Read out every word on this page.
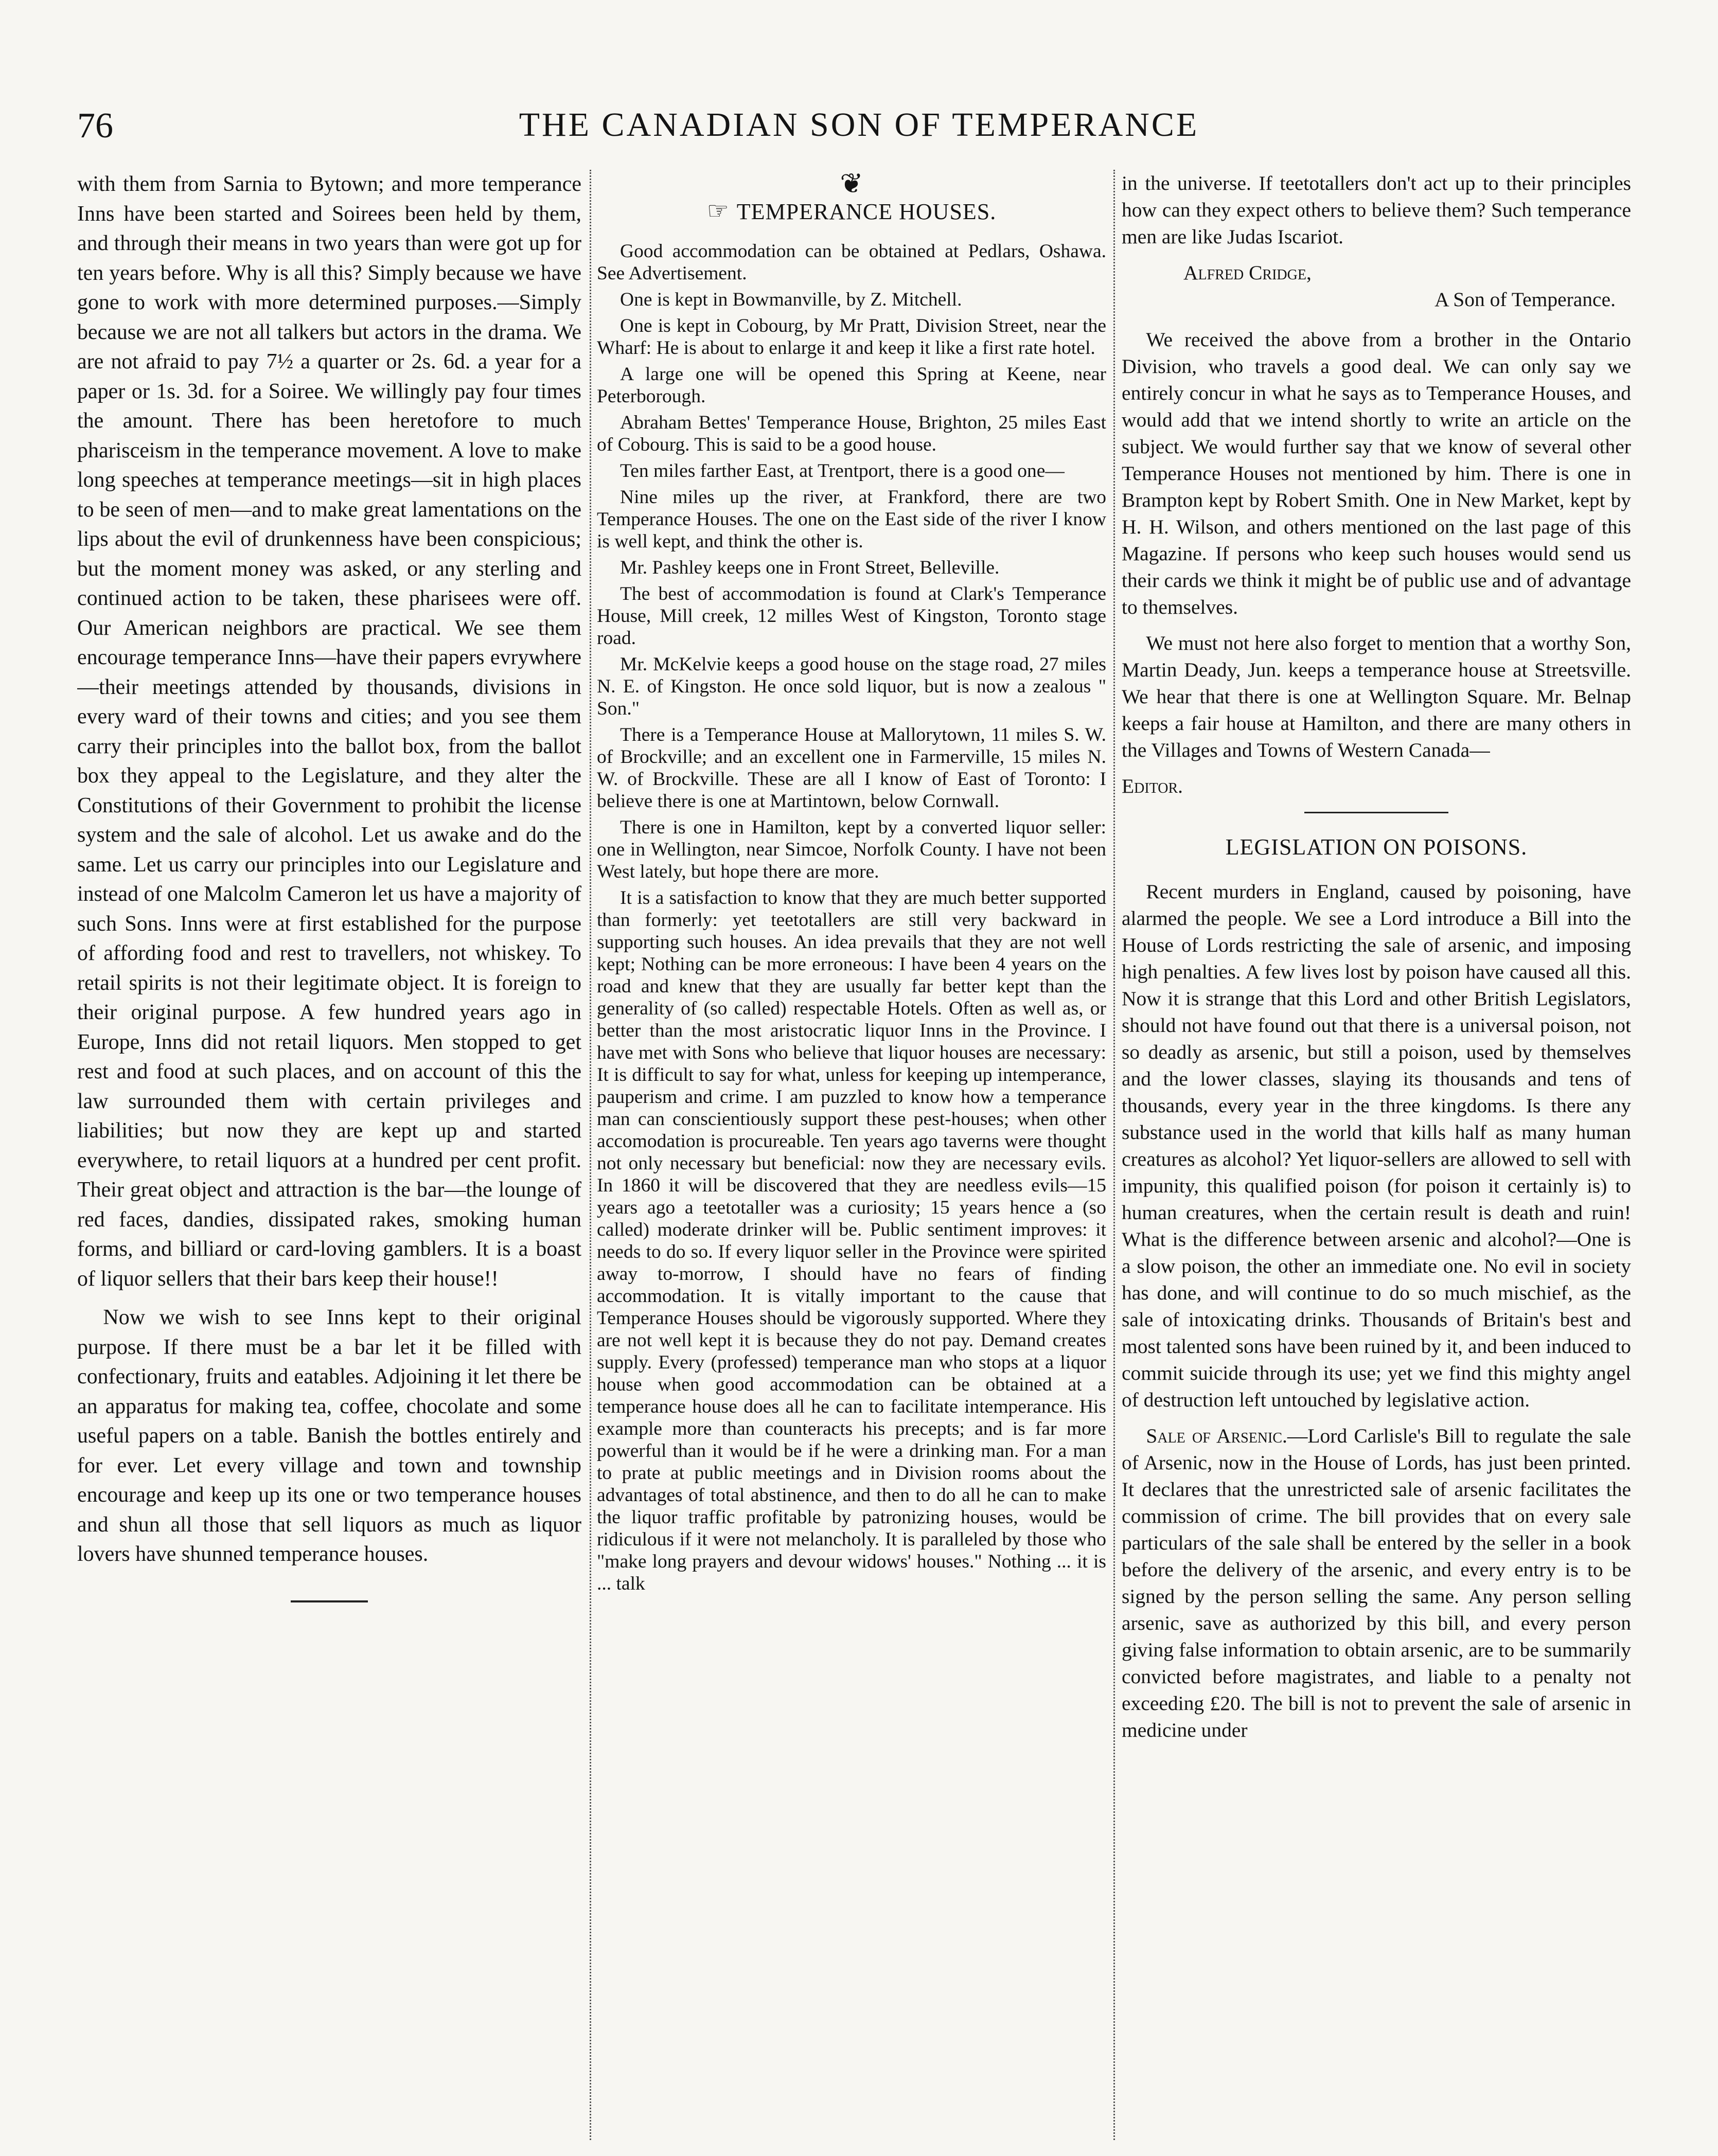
76	THE CANADIAN SON OF TEMPERANCE

with them from Sarnia to Bytown; and more temperance Inns have been started and Soirees been held by them, and through their means in two years than were got up for ten years before. Why is all this? Simply because we have gone to work with more determined purposes.—Simply because we are not all talkers but actors in the drama. We are not afraid to pay 7½ a quarter or 2s. 6d. a year for a paper or 1s. 3d. for a Soiree. We willingly pay four times the amount. There has been heretofore to much pharisceism in the temperance movement. A love to make long speeches at temperance meetings—sit in high places to be seen of men—and to make great lamentations on the lips about the evil of drunkenness have been conspicious; but the moment money was asked, or any sterling and continued action to be taken, these pharisees were off. Our American neighbors are practical. We see them encourage temperance Inns—have their papers evrywhere—their meetings attended by thousands, divisions in every ward of their towns and cities; and you see them carry their principles into the ballot box, from the ballot box they appeal to the Legislature, and they alter the Constitutions of their Government to prohibit the license system and the sale of alcohol. Let us awake and do the same. Let us carry our principles into our Legislature and instead of one Malcolm Cameron let us have a majority of such Sons. Inns were at first established for the purpose of affording food and rest to travellers, not whiskey. To retail spirits is not their legitimate object. It is foreign to their original purpose. A few hundred years ago in Europe, Inns did not retail liquors. Men stopped to get rest and food at such places, and on account of this the law surrounded them with certain privileges and liabilities; but now they are kept up and started everywhere, to retail liquors at a hundred per cent profit. Their great object and attraction is the bar—the lounge of red faces, dandies, dissipated rakes, smoking human forms, and billiard or card-loving gamblers. It is a boast of liquor sellers that their bars keep their house!!

Now we wish to see Inns kept to their original purpose. If there must be a bar let it be filled with confectionary, fruits and eatables. Adjoining it let there be an apparatus for making tea, coffee, chocolate and some useful papers on a table. Banish the bottles entirely and for ever. Let every village and town and township encourage and keep up its one or two temperance houses and shun all those that sell liquors as much as liquor lovers have shunned temperance houses.

❦
☞ TEMPERANCE HOUSES.

Good accommodation can be obtained at Pedlars, Oshawa. See Advertisement.

One is kept in Bowmanville, by Z. Mitchell.

One is kept in Cobourg, by Mr Pratt, Division Street, near the Wharf: He is about to enlarge it and keep it like a first rate hotel.

A large one will be opened this Spring at Keene, near Peterborough.

Abraham Bettes' Temperance House, Brighton, 25 miles East of Cobourg. This is said to be a good house.

Ten miles farther East, at Trentport, there is a good one—

Nine miles up the river, at Frankford, there are two Temperance Houses. The one on the East side of the river I know is well kept, and think the other is.

Mr. Pashley keeps one in Front Street, Belleville.

The best of accommodation is found at Clark's Temperance House, Mill creek, 12 milles West of Kingston, Toronto stage road.

Mr. McKelvie keeps a good house on the stage road, 27 miles N. E. of Kingston. He once sold liquor, but is now a zealous " Son."

There is a Temperance House at Mallorytown, 11 miles S. W. of Brockville; and an excellent one in Farmerville, 15 miles N. W. of Brockville. These are all I know of East of Toronto: I believe there is one at Martintown, below Cornwall.

There is one in Hamilton, kept by a converted liquor seller: one in Wellington, near Simcoe, Norfolk County. I have not been West lately, but hope there are more.

It is a satisfaction to know that they are much better supported than formerly: yet teetotallers are still very backward in supporting such houses. An idea prevails that they are not well kept; Nothing can be more erroneous: I have been 4 years on the road and knew that they are usually far better kept than the generality of (so called) respectable Hotels. Often as well as, or better than the most aristocratic liquor Inns in the Province. I have met with Sons who believe that liquor houses are necessary: It is difficult to say for what, unless for keeping up intemperance, pauperism and crime. I am puzzled to know how a temperance man can conscientiously support these pest-houses; when other accomodation is procureable. Ten years ago taverns were thought not only necessary but beneficial: now they are necessary evils. In 1860 it will be discovered that they are needless evils—15 years ago a teetotaller was a curiosity; 15 years hence a (so called) moderate drinker will be. Public sentiment improves: it needs to do so. If every liquor seller in the Province were spirited away to-morrow, I should have no fears of finding accommodation. It is vitally important to the cause that Temperance Houses should be vigorously supported. Where they are not well kept it is because they do not pay. Demand creates supply. Every (professed) temperance man who stops at a liquor house when good accommodation can be obtained at a temperance house does all he can to facilitate intemperance. His example more than counteracts his precepts; and is far more powerful than it would be if he were a drinking man. For a man to prate at public meetings and in Division rooms about the advantages of total abstinence, and then to do all he can to make the liquor traffic profitable by patronizing houses, would be ridiculous if it were not melancholy. It is paralleled by those who "make long prayers and devour widows' houses." Nothing ... it is ... talk

in the universe. If teetotallers don't act up to their principles how can they expect others to believe them? Such temperance men are like Judas Iscariot.

Alfred Cridge,

A Son of Temperance.

We received the above from a brother in the Ontario Division, who travels a good deal. We can only say we entirely concur in what he says as to Temperance Houses, and would add that we intend shortly to write an article on the subject. We would further say that we know of several other Temperance Houses not mentioned by him. There is one in Brampton kept by Robert Smith. One in New Market, kept by H. H. Wilson, and others mentioned on the last page of this Magazine. If persons who keep such houses would send us their cards we think it might be of public use and of advantage to themselves.

We must not here also forget to mention that a worthy Son, Martin Deady, Jun. keeps a temperance house at Streetsville. We hear that there is one at Wellington Square. Mr. Belnap keeps a fair house at Hamilton, and there are many others in the Villages and Towns of Western Canada—

Editor.

LEGISLATION ON POISONS.

Recent murders in England, caused by poisoning, have alarmed the people. We see a Lord introduce a Bill into the House of Lords restricting the sale of arsenic, and imposing high penalties. A few lives lost by poison have caused all this. Now it is strange that this Lord and other British Legislators, should not have found out that there is a universal poison, not so deadly as arsenic, but still a poison, used by themselves and the lower classes, slaying its thousands and tens of thousands, every year in the three kingdoms. Is there any substance used in the world that kills half as many human creatures as alcohol? Yet liquor-sellers are allowed to sell with impunity, this qualified poison (for poison it certainly is) to human creatures, when the certain result is death and ruin! What is the difference between arsenic and alcohol?—One is a slow poison, the other an immediate one. No evil in society has done, and will continue to do so much mischief, as the sale of intoxicating drinks. Thousands of Britain's best and most talented sons have been ruined by it, and been induced to commit suicide through its use; yet we find this mighty angel of destruction left untouched by legislative action.

Sale of Arsenic.—Lord Carlisle's Bill to regulate the sale of Arsenic, now in the House of Lords, has just been printed. It declares that the unrestricted sale of arsenic facilitates the commission of crime. The bill provides that on every sale particulars of the sale shall be entered by the seller in a book before the delivery of the arsenic, and every entry is to be signed by the person selling the same. Any person selling arsenic, save as authorized by this bill, and every person giving false information to obtain arsenic, are to be summarily convicted before magistrates, and liable to a penalty not exceeding £20. The bill is not to prevent the sale of arsenic in medicine under
